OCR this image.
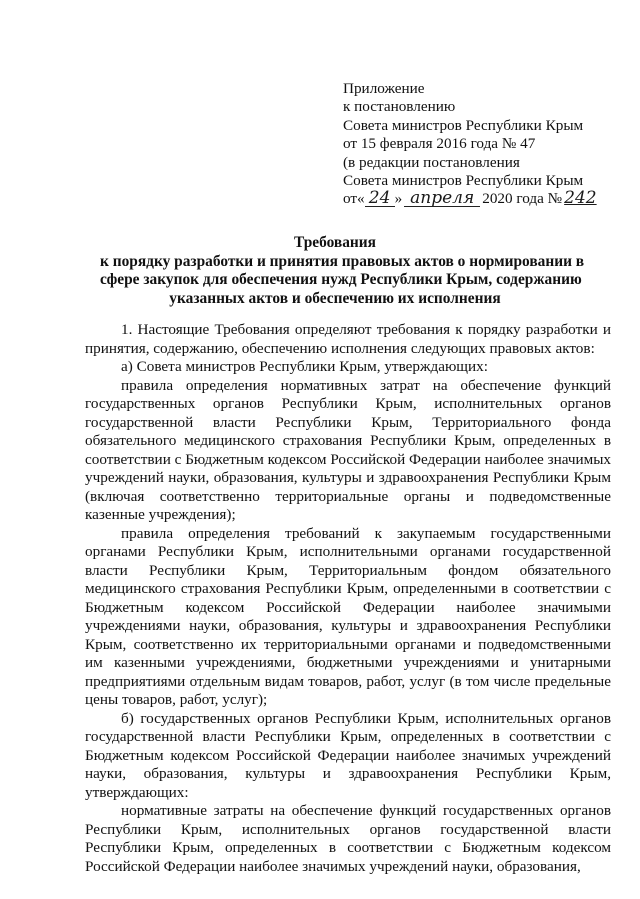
Приложение
к постановлению
Совета министров Республики Крым
от 15 февраля 2016 года № 47
(в редакции постановления
Совета министров Республики Крым
от« 24 » апреля 2020 года № 242
Требования
к порядку разработки и принятия правовых актов о нормировании в
сфере закупок для обеспечения нужд Республики Крым, содержанию
указанных актов и обеспечению их исполнения

1. Настоящие Требования определяют требования к порядку разработки и принятия, содержанию, обеспечению исполнения следующих правовых актов:

а) Совета министров Республики Крым, утверждающих:

правила определения нормативных затрат на обеспечение функций государственных органов Республики Крым, исполнительных органов государственной власти Республики Крым, Территориального фонда обязательного медицинского страхования Республики Крым, определенных в соответствии с Бюджетным кодексом Российской Федерации наиболее значимых учреждений науки, образования, культуры и здравоохранения Республики Крым (включая соответственно территориальные органы и подведомственные казенные учреждения);

правила определения требований к закупаемым государственными органами Республики Крым, исполнительными органами государственной власти Республики Крым, Территориальным фондом обязательного медицинского страхования Республики Крым, определенными в соответствии с Бюджетным кодексом Российской Федерации наиболее значимыми учреждениями науки, образования, культуры и здравоохранения Республики Крым, соответственно их территориальными органами и подведомственными им казенными учреждениями, бюджетными учреждениями и унитарными предприятиями отдельным видам товаров, работ, услуг (в том числе предельные цены товаров, работ, услуг);

б) государственных органов Республики Крым, исполнительных органов государственной власти Республики Крым, определенных в соответствии с Бюджетным кодексом Российской Федерации наиболее значимых учреждений науки, образования, культуры и здравоохранения Республики Крым, утверждающих:

нормативные затраты на обеспечение функций государственных органов Республики Крым, исполнительных органов государственной власти Республики Крым, определенных в соответствии с Бюджетным кодексом Российской Федерации наиболее значимых учреждений науки, образования,
